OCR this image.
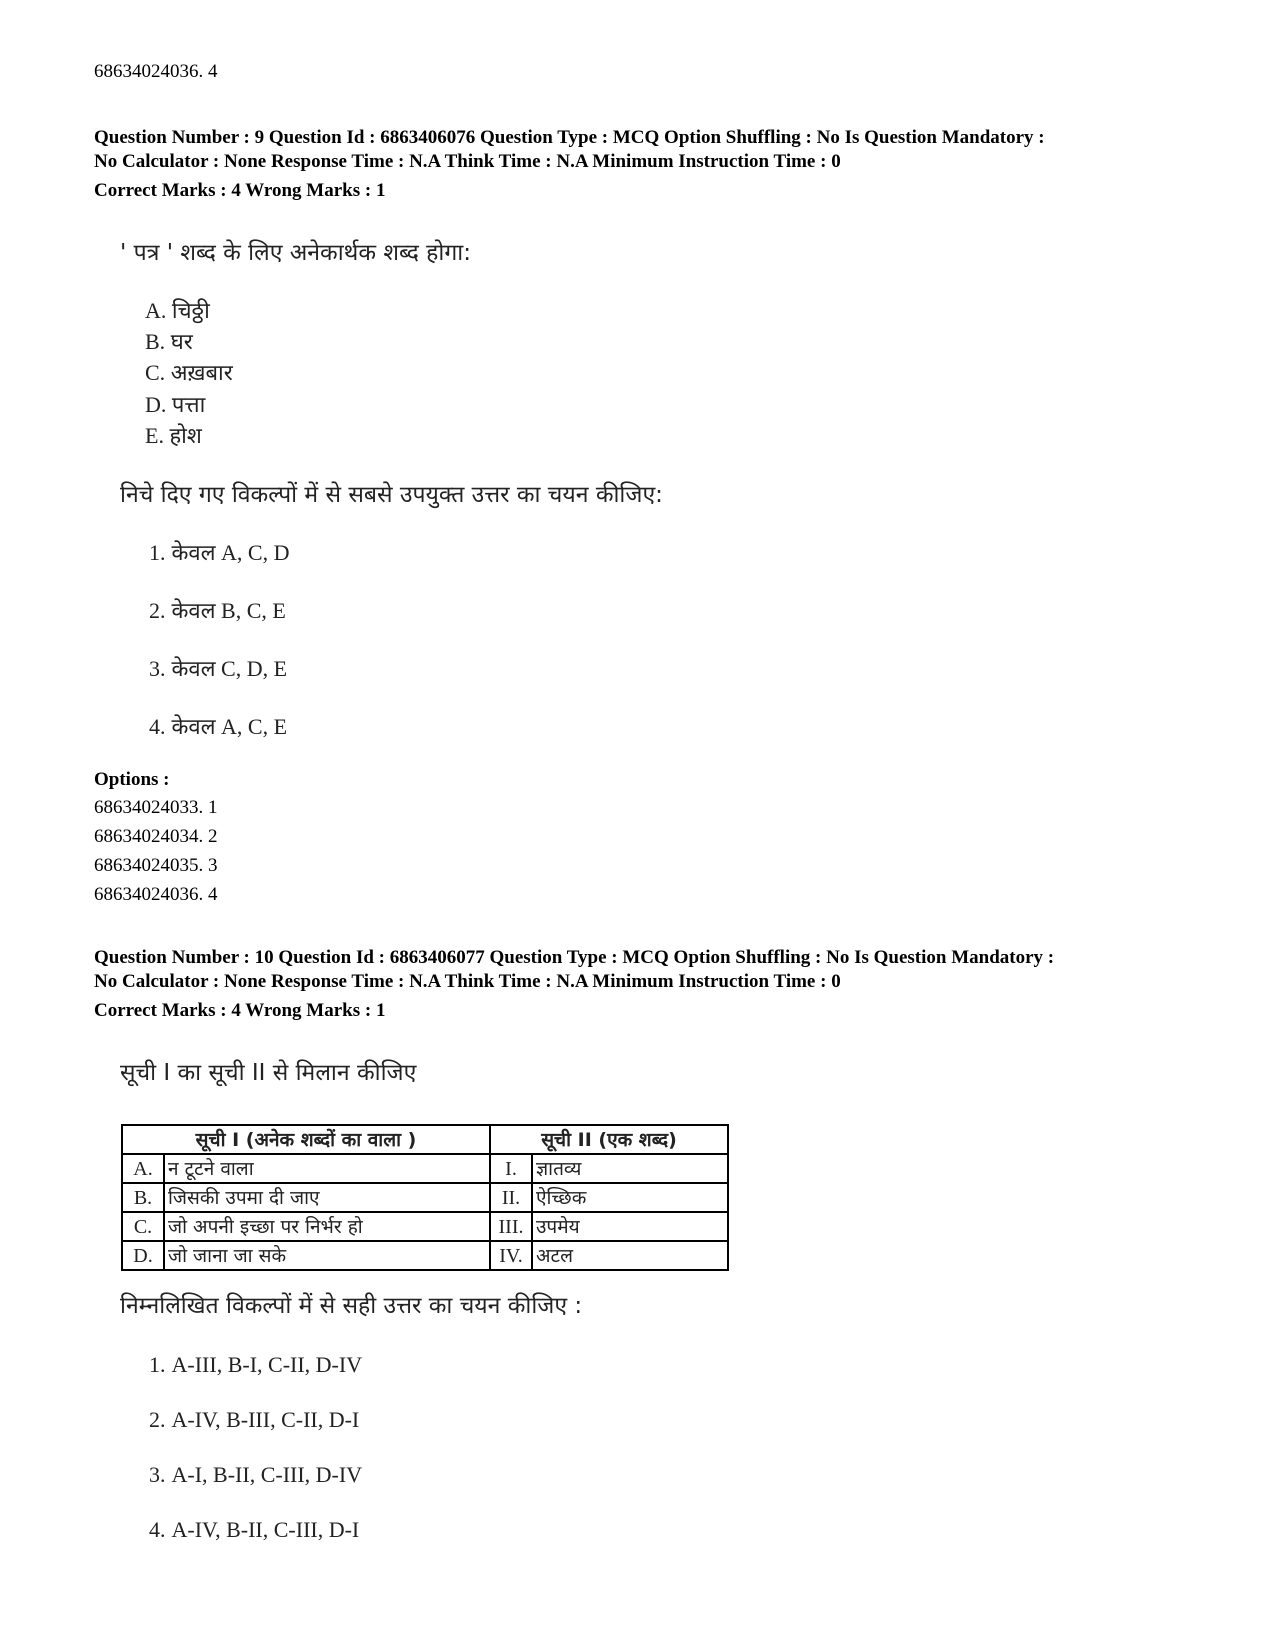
68634024036. 4
Question Number : 9 Question Id : 6863406076 Question Type : MCQ Option Shuffling : No Is Question Mandatory :
No Calculator : None Response Time : N.A Think Time : N.A Minimum Instruction Time : 0
Correct Marks : 4 Wrong Marks : 1
' पत्र ' शब्द के लिए अनेकार्थक शब्द होगा:
A. चिठ्ठी
B. घर
C. अख़बार
D. पत्ता
E. होश
निचे दिए गए विकल्पों में से सबसे उपयुक्त उत्तर का चयन कीजिए:
1. केवल A, C, D
2. केवल B, C, E
3. केवल C, D, E
4. केवल A, C, E
Options :
68634024033. 1
68634024034. 2
68634024035. 3
68634024036. 4
Question Number : 10 Question Id : 6863406077 Question Type : MCQ Option Shuffling : No Is Question Mandatory :
No Calculator : None Response Time : N.A Think Time : N.A Minimum Instruction Time : 0
Correct Marks : 4 Wrong Marks : 1
सूची I का सूची II से मिलान कीजिए
सूची I (अनेक शब्दों का वाला )		सूची II (एक शब्द)	
A.	न टूटने वाला	I.	ज्ञातव्य
B.	जिसकी उपमा दी जाए	II.	ऐच्छिक
C.	जो अपनी इच्छा पर निर्भर हो	III.	उपमेय
D.	जो जाना जा सके	IV.	अटल
निम्नलिखित विकल्पों में से सही उत्तर का चयन कीजिए :
1. A-III, B-I, C-II, D-IV
2. A-IV, B-III, C-II, D-I
3. A-I, B-II, C-III, D-IV
4. A-IV, B-II, C-III, D-I
